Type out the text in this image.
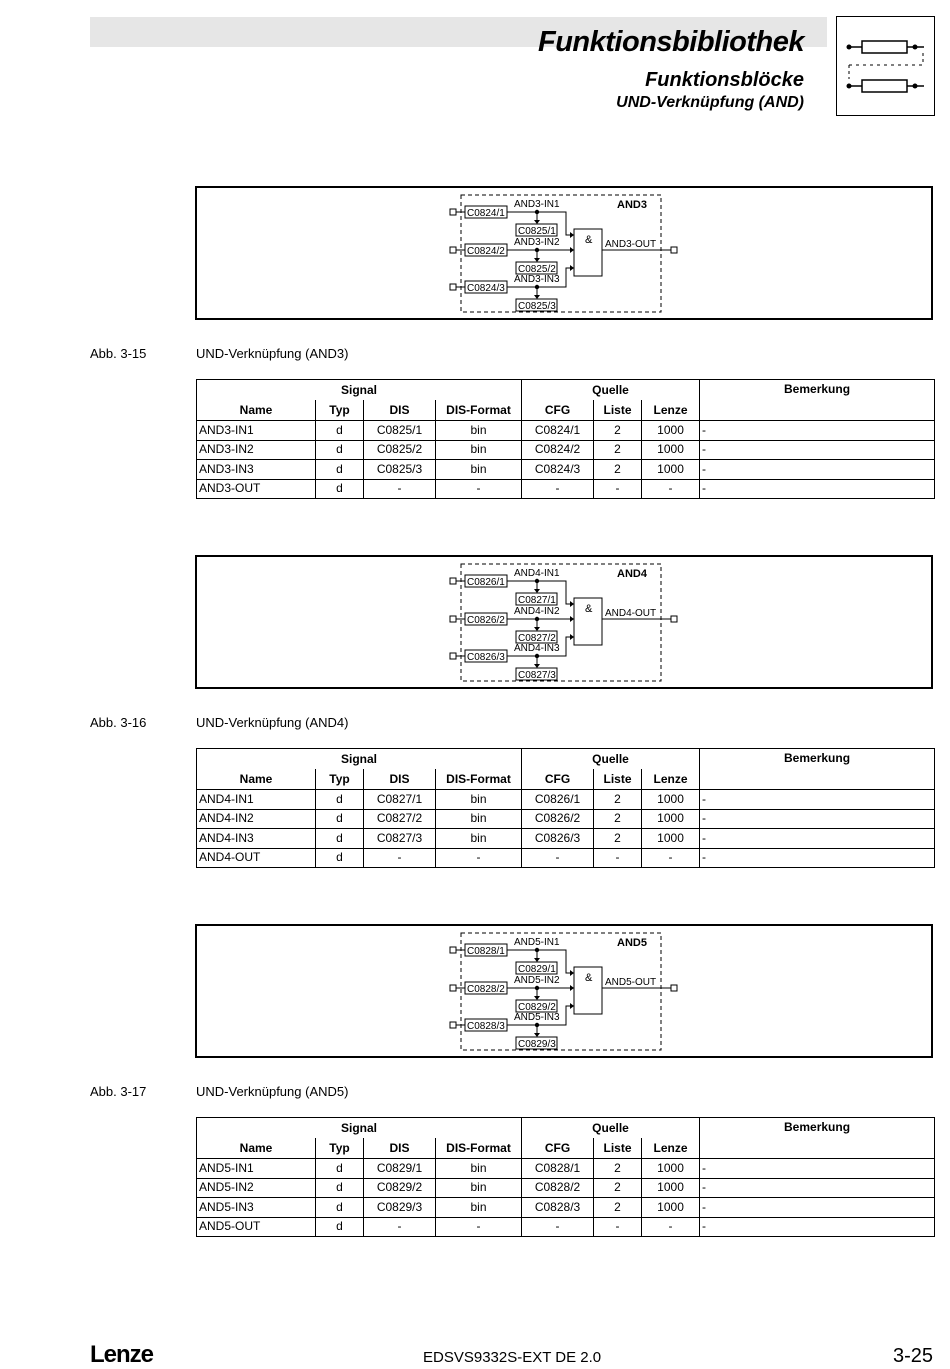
Funktionsbibliothek
Funktionsblöcke
UND-Verknüpfung (AND)
AND3
& AND3-OUT
C0824/1
AND3-IN1
C0825/1
C0824/2
AND3-IN2
C0825/2
C0824/3
AND3-IN3
C0825/3
Abb. 3-15	UND-Verknüpfung (AND3)
AND4
& AND4-OUT
C0826/1
AND4-IN1
C0827/1
C0826/2
AND4-IN2
C0827/2
C0826/3
AND4-IN3
C0827/3
Abb. 3-16	UND-Verknüpfung (AND4)
AND5
& AND5-OUT
C0828/1
AND5-IN1
C0829/1
C0828/2
AND5-IN2
C0829/2
C0828/3
AND5-IN3
C0829/3
Abb. 3-17	UND-Verknüpfung (AND5)
Signal				Quelle			Bemerkung
Name	Typ	DIS	DIS-Format	CFG	Liste	Lenze	
AND3-IN1	d	C0825/1	bin	C0824/1	2	1000	-
AND3-IN2	d	C0825/2	bin	C0824/2	2	1000	-
AND3-IN3	d	C0825/3	bin	C0824/3	2	1000	-
AND3-OUT	d	-	-	-	-	-	-
Signal				Quelle			Bemerkung
Name	Typ	DIS	DIS-Format	CFG	Liste	Lenze	
AND4-IN1	d	C0827/1	bin	C0826/1	2	1000	-
AND4-IN2	d	C0827/2	bin	C0826/2	2	1000	-
AND4-IN3	d	C0827/3	bin	C0826/3	2	1000	-
AND4-OUT	d	-	-	-	-	-	-
Signal				Quelle			Bemerkung
Name	Typ	DIS	DIS-Format	CFG	Liste	Lenze	
AND5-IN1	d	C0829/1	bin	C0828/1	2	1000	-
AND5-IN2	d	C0829/2	bin	C0828/2	2	1000	-
AND5-IN3	d	C0829/3	bin	C0828/3	2	1000	-
AND5-OUT	d	-	-	-	-	-	-
Lenze	EDSVS9332S-EXT DE 2.0	3-25
